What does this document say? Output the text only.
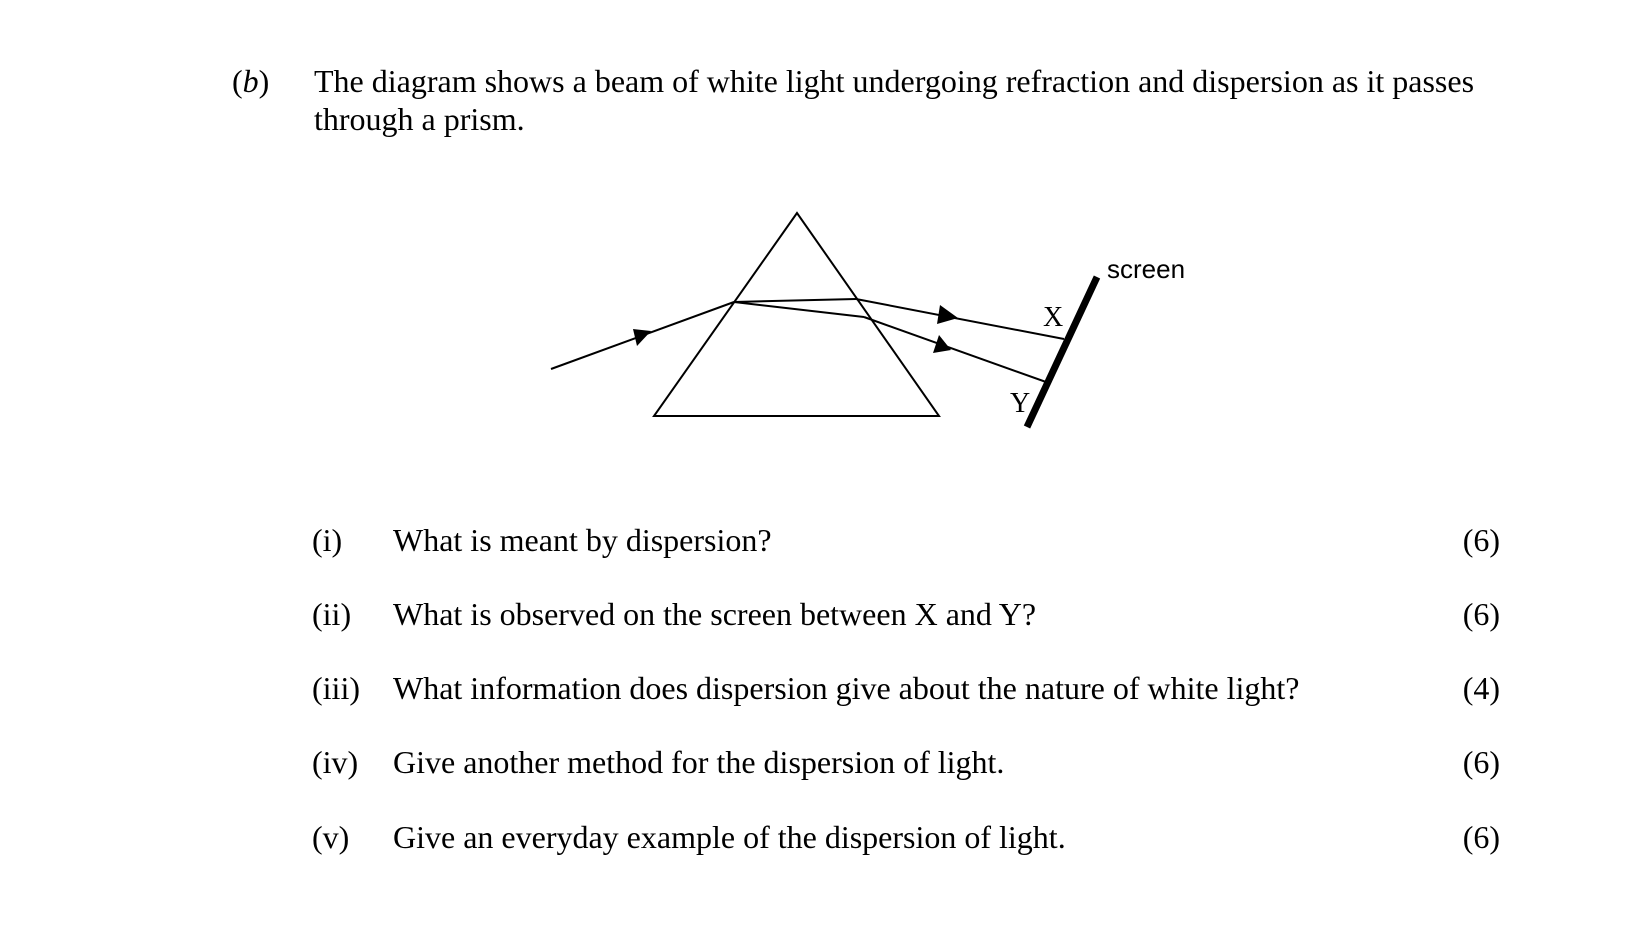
(b) The diagram shows a beam of white light undergoing refraction and dispersion as it passes through a prism.
screen
X
Y
(i) What is meant by dispersion?	(6)
(ii) What is observed on the screen between X and Y?	(6)
(iii) What information does dispersion give about the nature of white light?	(4)
(iv) Give another method for the dispersion of light.	(6)
(v) Give an everyday example of the dispersion of light.	(6)
